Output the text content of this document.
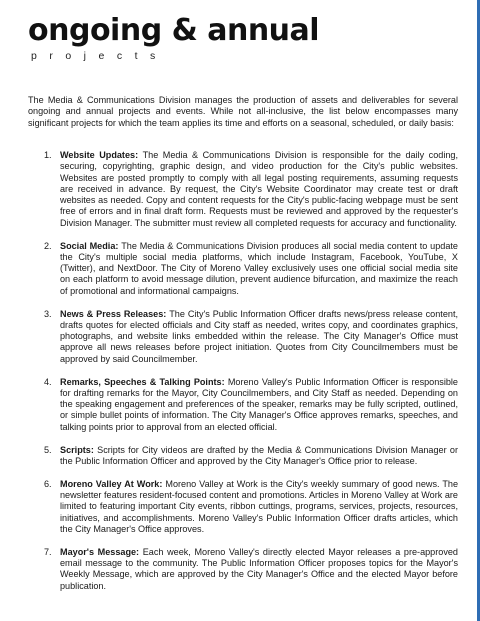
ongoing & annual
projects

The Media & Communications Division manages the production of assets and deliverables for several ongoing and annual projects and events. While not all-inclusive, the list below encompasses many significant projects for which the team applies its time and efforts on a seasonal, scheduled, or daily basis:

1. Website Updates: The Media & Communications Division is responsible for the daily coding, securing, copyrighting, graphic design, and video production for the City's public websites. Websites are posted promptly to comply with all legal posting requirements, assuming requests are received in advance. By request, the City's Website Coordinator may create test or draft websites as needed. Copy and content requests for the City's public-facing webpage must be sent free of errors and in final draft form. Requests must be reviewed and approved by the requester's Division Manager. The submitter must review all completed requests for accuracy and functionality.
2. Social Media: The Media & Communications Division produces all social media content to update the City's multiple social media platforms, which include Instagram, Facebook, YouTube, X (Twitter), and NextDoor. The City of Moreno Valley exclusively uses one official social media site on each platform to avoid message dilution, prevent audience bifurcation, and maximize the reach of promotional and informational campaigns.
3. News & Press Releases: The City's Public Information Officer drafts news/press release content, drafts quotes for elected officials and City staff as needed, writes copy, and coordinates graphics, photographs, and website links embedded within the release. The City Manager's Office must approve all news releases before project initiation. Quotes from City Councilmembers must be approved by said Councilmember.
4. Remarks, Speeches & Talking Points: Moreno Valley's Public Information Officer is responsible for drafting remarks for the Mayor, City Councilmembers, and City Staff as needed. Depending on the speaking engagement and preferences of the speaker, remarks may be fully scripted, outlined, or simple bullet points of information. The City Manager's Office approves remarks, speeches, and talking points prior to approval from an elected official.
5. Scripts: Scripts for City videos are drafted by the Media & Communications Division Manager or the Public Information Officer and approved by the City Manager's Office prior to release.
6. Moreno Valley At Work: Moreno Valley at Work is the City's weekly summary of good news. The newsletter features resident-focused content and promotions. Articles in Moreno Valley at Work are limited to featuring important City events, ribbon cuttings, programs, services, projects, resources, initiatives, and accomplishments. Moreno Valley's Public Information Officer drafts articles, which the City Manager's Office approves.
7. Mayor's Message: Each week, Moreno Valley's directly elected Mayor releases a pre-approved email message to the community. The Public Information Officer proposes topics for the Mayor's Weekly Message, which are approved by the City Manager's Office and the elected Mayor before publication.
